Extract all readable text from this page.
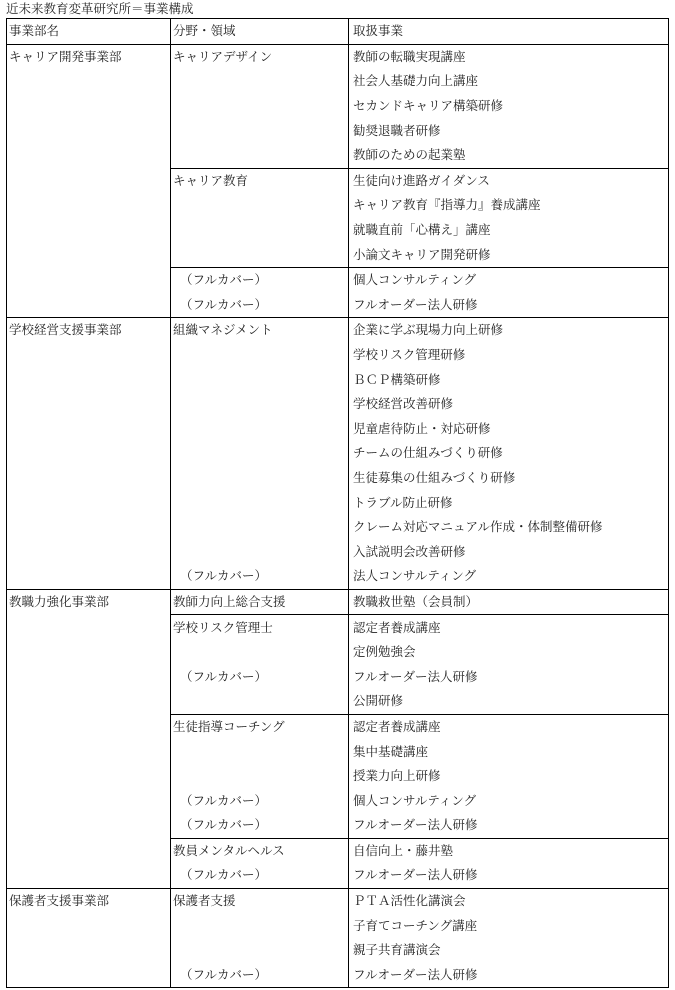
近未来教育変革研究所＝事業構成
事業部名	分野・領域	取扱事業
キャリア開発事業部	キャリアデザイン	教師の転職実現講座
		社会人基礎力向上講座
		セカンドキャリア構築研修
		勧奨退職者研修
		教師のための起業塾
	キャリア教育	生徒向け進路ガイダンス
		キャリア教育『指導力』養成講座
		就職直前「心構え」講座
		小論文キャリア開発研修
	（フルカバー）	個人コンサルティング
	（フルカバー）	フルオーダー法人研修
学校経営支援事業部	組織マネジメント	企業に学ぶ現場力向上研修
		学校リスク管理研修
		ＢＣＰ構築研修
		学校経営改善研修
		児童虐待防止・対応研修
		チームの仕組みづくり研修
		生徒募集の仕組みづくり研修
		トラブル防止研修
		クレーム対応マニュアル作成・体制整備研修
		入試説明会改善研修
	（フルカバー）	法人コンサルティング
教職力強化事業部	教師力向上総合支援	教職救世塾（会員制）
	学校リスク管理士	認定者養成講座
		定例勉強会
	（フルカバー）	フルオーダー法人研修
		公開研修
	生徒指導コーチング	認定者養成講座
		集中基礎講座
		授業力向上研修
	（フルカバー）	個人コンサルティング
	（フルカバー）	フルオーダー法人研修
	教員メンタルヘルス	自信向上・藤井塾
	（フルカバー）	フルオーダー法人研修
保護者支援事業部	保護者支援	ＰＴＡ活性化講演会
		子育てコーチング講座
		親子共育講演会
	（フルカバー）	フルオーダー法人研修
